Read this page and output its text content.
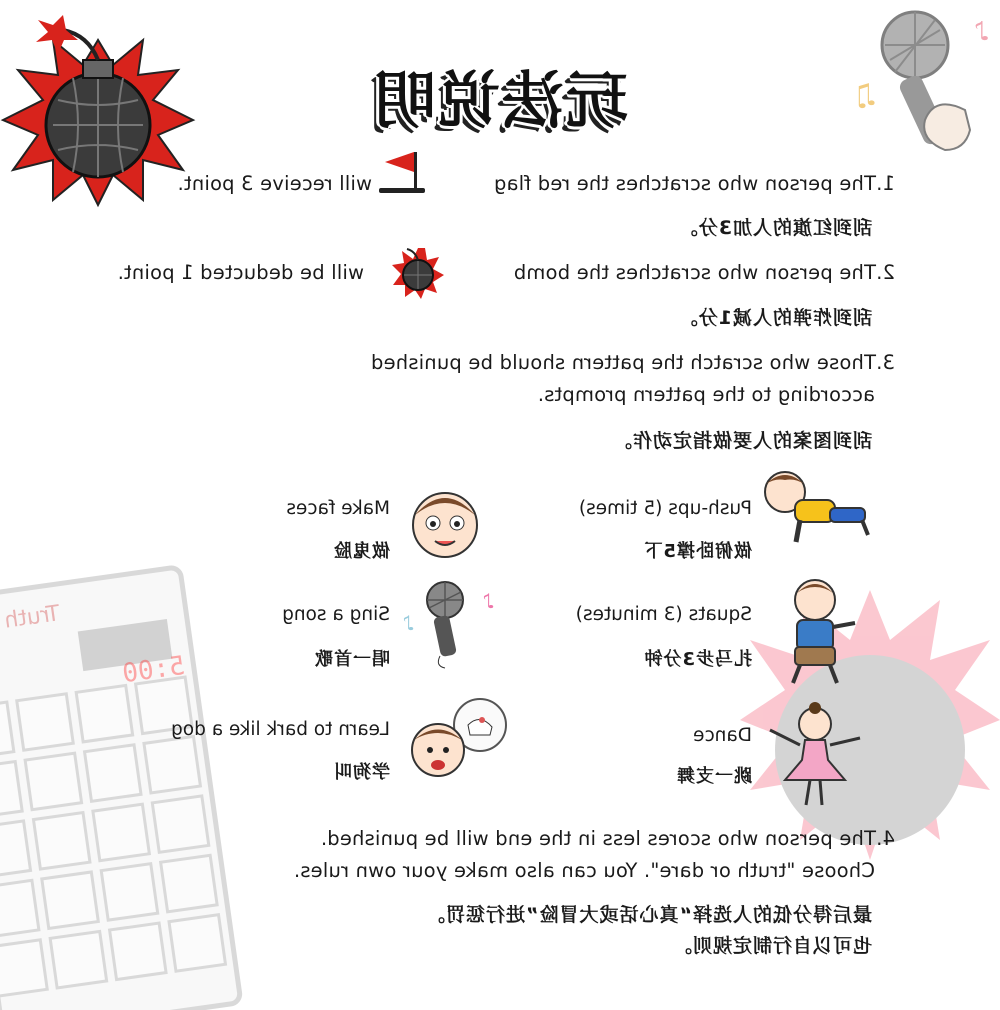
Truth
5:00
♪
♫
玩法说明
1.The person who scratches the red flag
will receive 3 point.
刮到红旗的人加3分。
2.The person who scratches the bomb
will be deducted 1 point.
刮到炸弹的人减1分。
3.Those who scratch the pattern should be punished
according to the pattern prompts.
刮到图案的人要做指定动作。
Push-ups (5 times)
做俯卧撑5下
Squats (3 minutes)
扎马步3分钟
Dance
跳一支舞
Make faces
做鬼脸
♪
♪
Sing a song
唱一首歌
Learn to bark like a dog
学狗叫
4.The person who scores less in the end will be punished.
Choose "truth or dare". You can also make your own rules.
最后得分低的人选择“真心话或大冒险”进行惩罚。
也可以自行制定规则。
